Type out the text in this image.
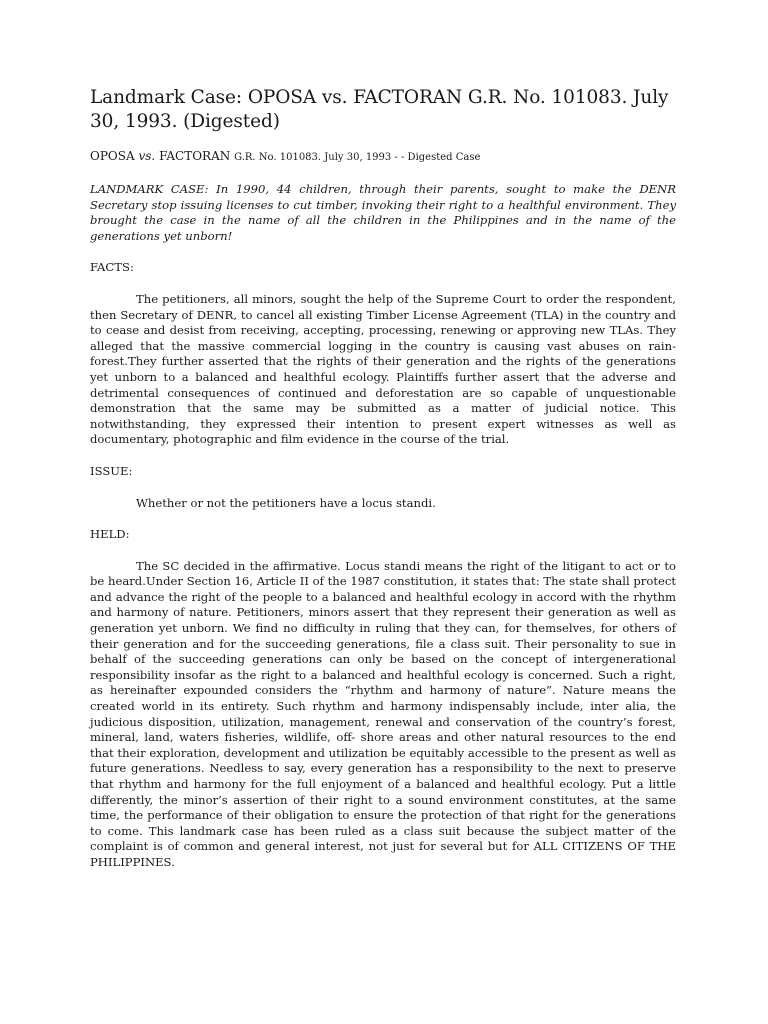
Landmark Case: OPOSA vs. FACTORAN G.R. No. 101083. July 30, 1993. (Digested)

OPOSA vs. FACTORAN G.R. No. 101083. July 30, 1993 - - Digested Case

LANDMARK CASE: In 1990, 44 children, through their parents, sought to make the DENR Secretary stop issuing licenses to cut timber, invoking their right to a healthful environment. They brought the case in the name of all the children in the Philippines and in the name of the generations yet unborn!

FACTS:

The petitioners, all minors, sought the help of the Supreme Court to order the respondent, then Secretary of DENR, to cancel all existing Timber License Agreement (TLA) in the country and to cease and desist from receiving, accepting, processing, renewing or approving new TLAs. They alleged that the massive commercial logging in the country is causing vast abuses on rain-forest.They further asserted that the rights of their generation and the rights of the generations yet unborn to a balanced and healthful ecology. Plaintiffs further assert that the adverse and detrimental consequences of continued and deforestation are so capable of unquestionable demonstration that the same may be submitted as a matter of judicial notice. This notwithstanding, they expressed their intention to present expert witnesses as well as documentary, photographic and film evidence in the course of the trial.

ISSUE:

Whether or not the petitioners have a locus standi.

HELD:

The SC decided in the affirmative. Locus standi means the right of the litigant to act or to be heard.Under Section 16, Article II of the 1987 constitution, it states that: The state shall protect and advance the right of the people to a balanced and healthful ecology in accord with the rhythm and harmony of nature. Petitioners, minors assert that they represent their generation as well as generation yet unborn. We find no difficulty in ruling that they can, for themselves, for others of their generation and for the succeeding generations, file a class suit. Their personality to sue in behalf of the succeeding generations can only be based on the concept of intergenerational responsibility insofar as the right to a balanced and healthful ecology is concerned. Such a right, as hereinafter expounded considers the “rhythm and harmony of nature”. Nature means the created world in its entirety. Such rhythm and harmony indispensably include, inter alia, the judicious disposition, utilization, management, renewal and conservation of the country’s forest, mineral, land, waters fisheries, wildlife, off- shore areas and other natural resources to the end that their exploration, development and utilization be equitably accessible to the present as well as future generations. Needless to say, every generation has a responsibility to the next to preserve that rhythm and harmony for the full enjoyment of a balanced and healthful ecology. Put a little differently, the minor’s assertion of their right to a sound environment constitutes, at the same time, the performance of their obligation to ensure the protection of that right for the generations to come. This landmark case has been ruled as a class suit because the subject matter of the complaint is of common and general interest, not just for several but for ALL CITIZENS OF THE PHILIPPINES.
